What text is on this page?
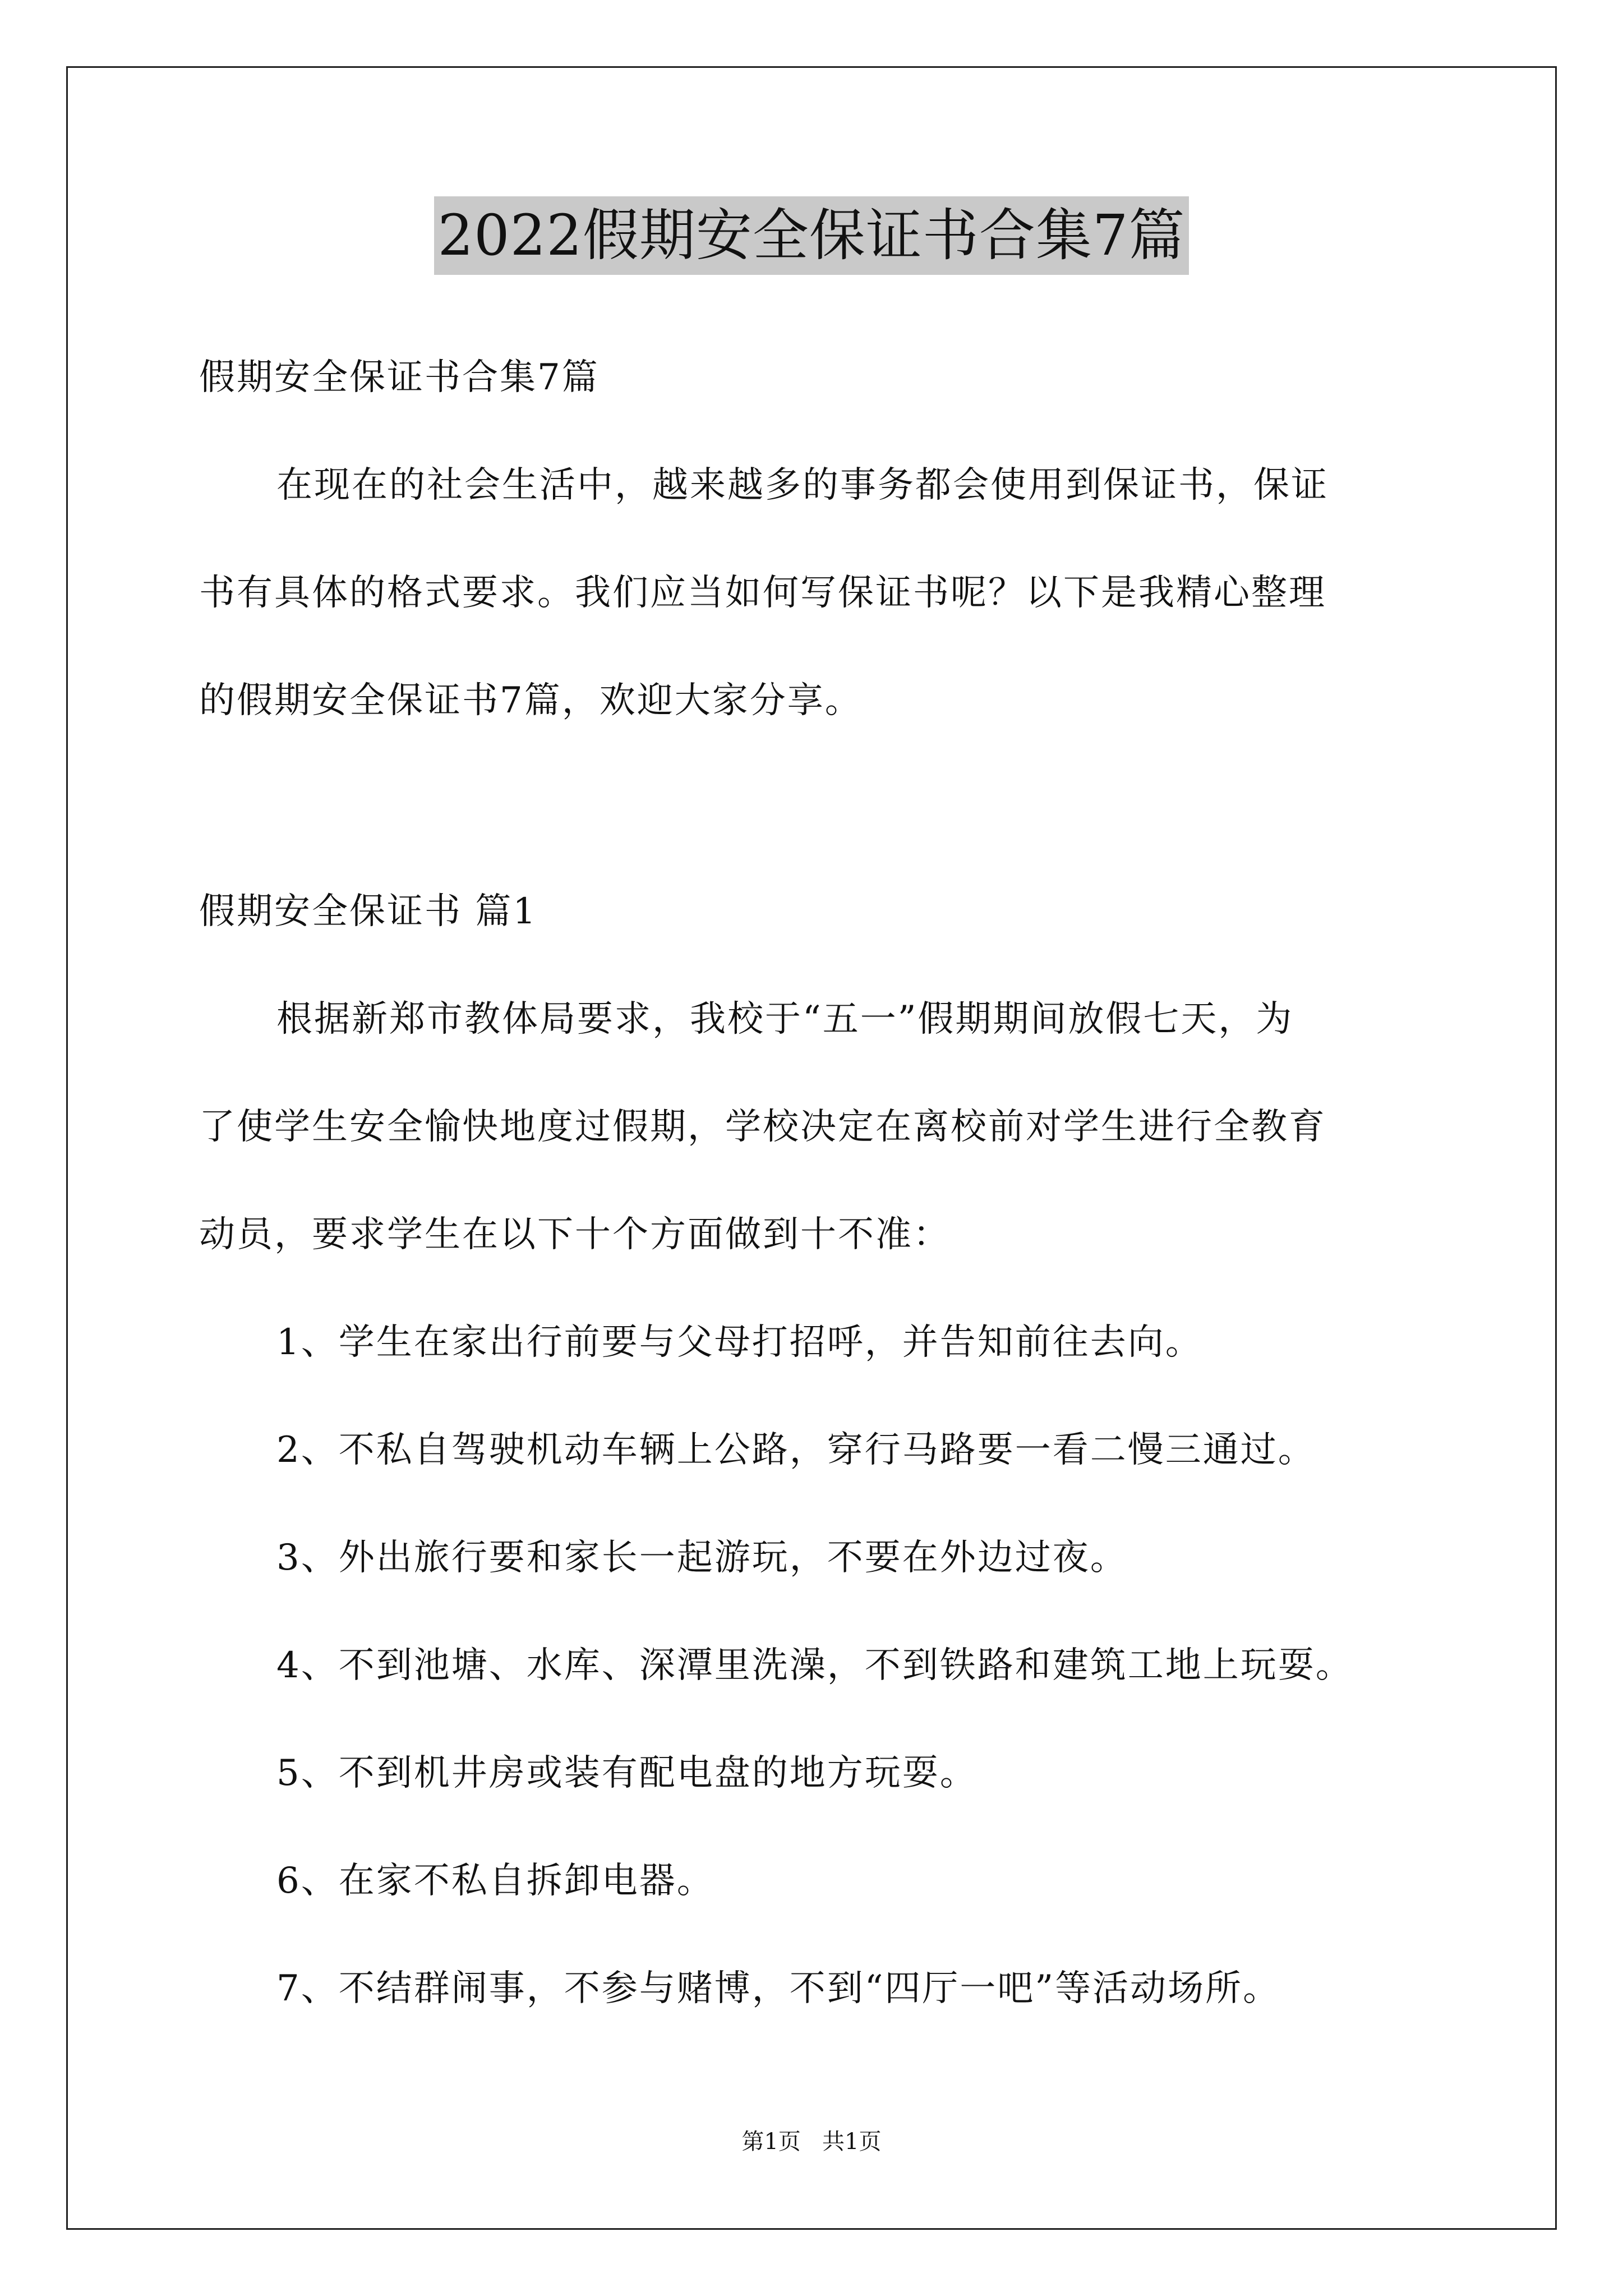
2022假期安全保证书合集7篇
假期安全保证书合集7篇
在现在的社会生活中，越来越多的事务都会使用到保证书，保证
书有具体的格式要求。我们应当如何写保证书呢？以下是我精心整理
的假期安全保证书7篇，欢迎大家分享。
假期安全保证书 篇1
根据新郑市教体局要求，我校于“五一”假期期间放假七天，为
了使学生安全愉快地度过假期，学校决定在离校前对学生进行全教育
动员，要求学生在以下十个方面做到十不准：
1、学生在家出行前要与父母打招呼，并告知前往去向。
2、不私自驾驶机动车辆上公路，穿行马路要一看二慢三通过。
3、外出旅行要和家长一起游玩，不要在外边过夜。
4、不到池塘、水库、深潭里洗澡，不到铁路和建筑工地上玩耍。
5、不到机井房或装有配电盘的地方玩耍。
6、在家不私自拆卸电器。
7、不结群闹事，不参与赌博，不到“四厅一吧”等活动场所。
第1页   共1页
